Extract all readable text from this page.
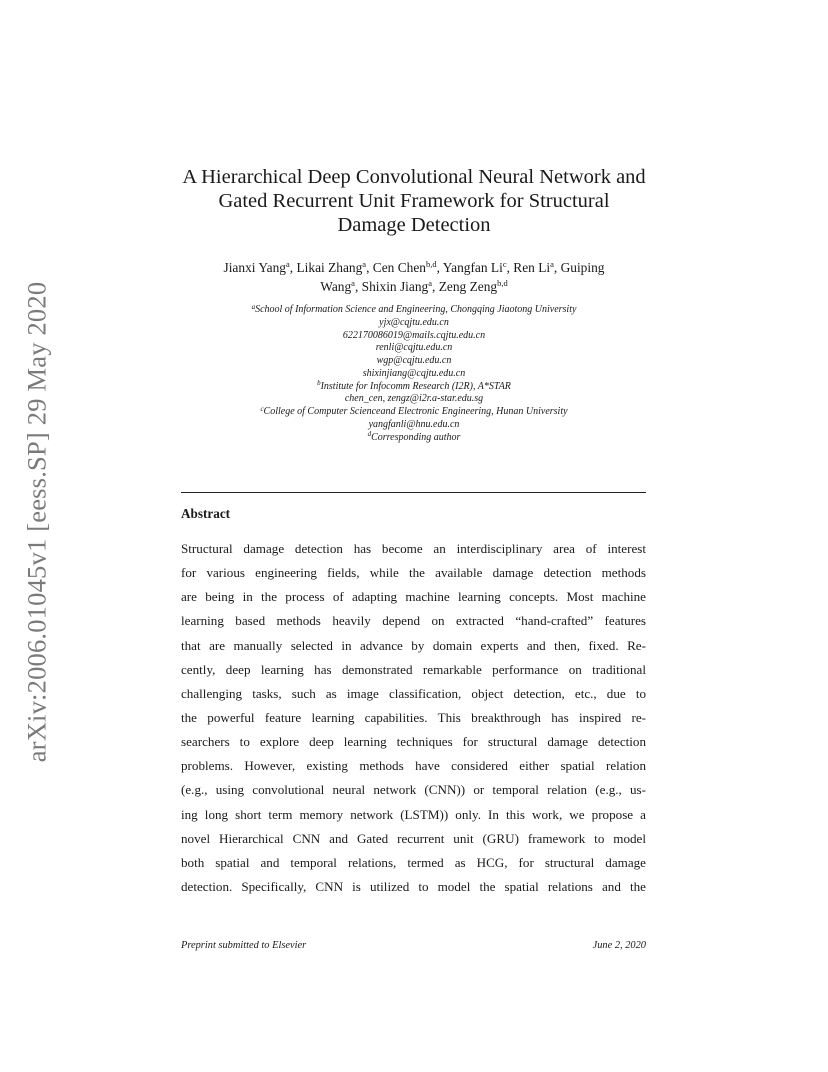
arXiv:2006.01045v1 [eess.SP] 29 May 2020
A Hierarchical Deep Convolutional Neural Network and
Gated Recurrent Unit Framework for Structural
Damage Detection
Jianxi Yang$^a$, Likai Zhang$^a$, Cen Chen$^{b,d}$, Yangfan Li$^c$, Ren Li$^a$, Guiping
Wang$^a$, Shixin Jiang$^a$, Zeng Zeng$^{b,d}$
$^a$School of Information Science and Engineering, Chongqing Jiaotong University
yjx@cqjtu.edu.cn
622170086019@mails.cqjtu.edu.cn
renli@cqjtu.edu.cn
wgp@cqjtu.edu.cn
shixinjiang@cqjtu.edu.cn
$^b$Institute for Infocomm Research (I2R), A*STAR
chen_cen, zengz@i2r.a-star.edu.sg
$^c$College of Computer Scienceand Electronic Engineering, Hunan University
yangfanli@hnu.edu.cn
$^d$Corresponding author
Abstract
Structural damage detection has become an interdisciplinary area of interest
for various engineering fields, while the available damage detection methods
are being in the process of adapting machine learning concepts. Most machine
learning based methods heavily depend on extracted “hand-crafted” features
that are manually selected in advance by domain experts and then, fixed. Re-
cently, deep learning has demonstrated remarkable performance on traditional
challenging tasks, such as image classification, object detection, etc., due to
the powerful feature learning capabilities. This breakthrough has inspired re-
searchers to explore deep learning techniques for structural damage detection
problems. However, existing methods have considered either spatial relation
(e.g., using convolutional neural network (CNN)) or temporal relation (e.g., us-
ing long short term memory network (LSTM)) only. In this work, we propose a
novel Hierarchical CNN and Gated recurrent unit (GRU) framework to model
both spatial and temporal relations, termed as HCG, for structural damage
detection. Specifically, CNN is utilized to model the spatial relations and the
Preprint submitted to Elsevier	June 2, 2020
